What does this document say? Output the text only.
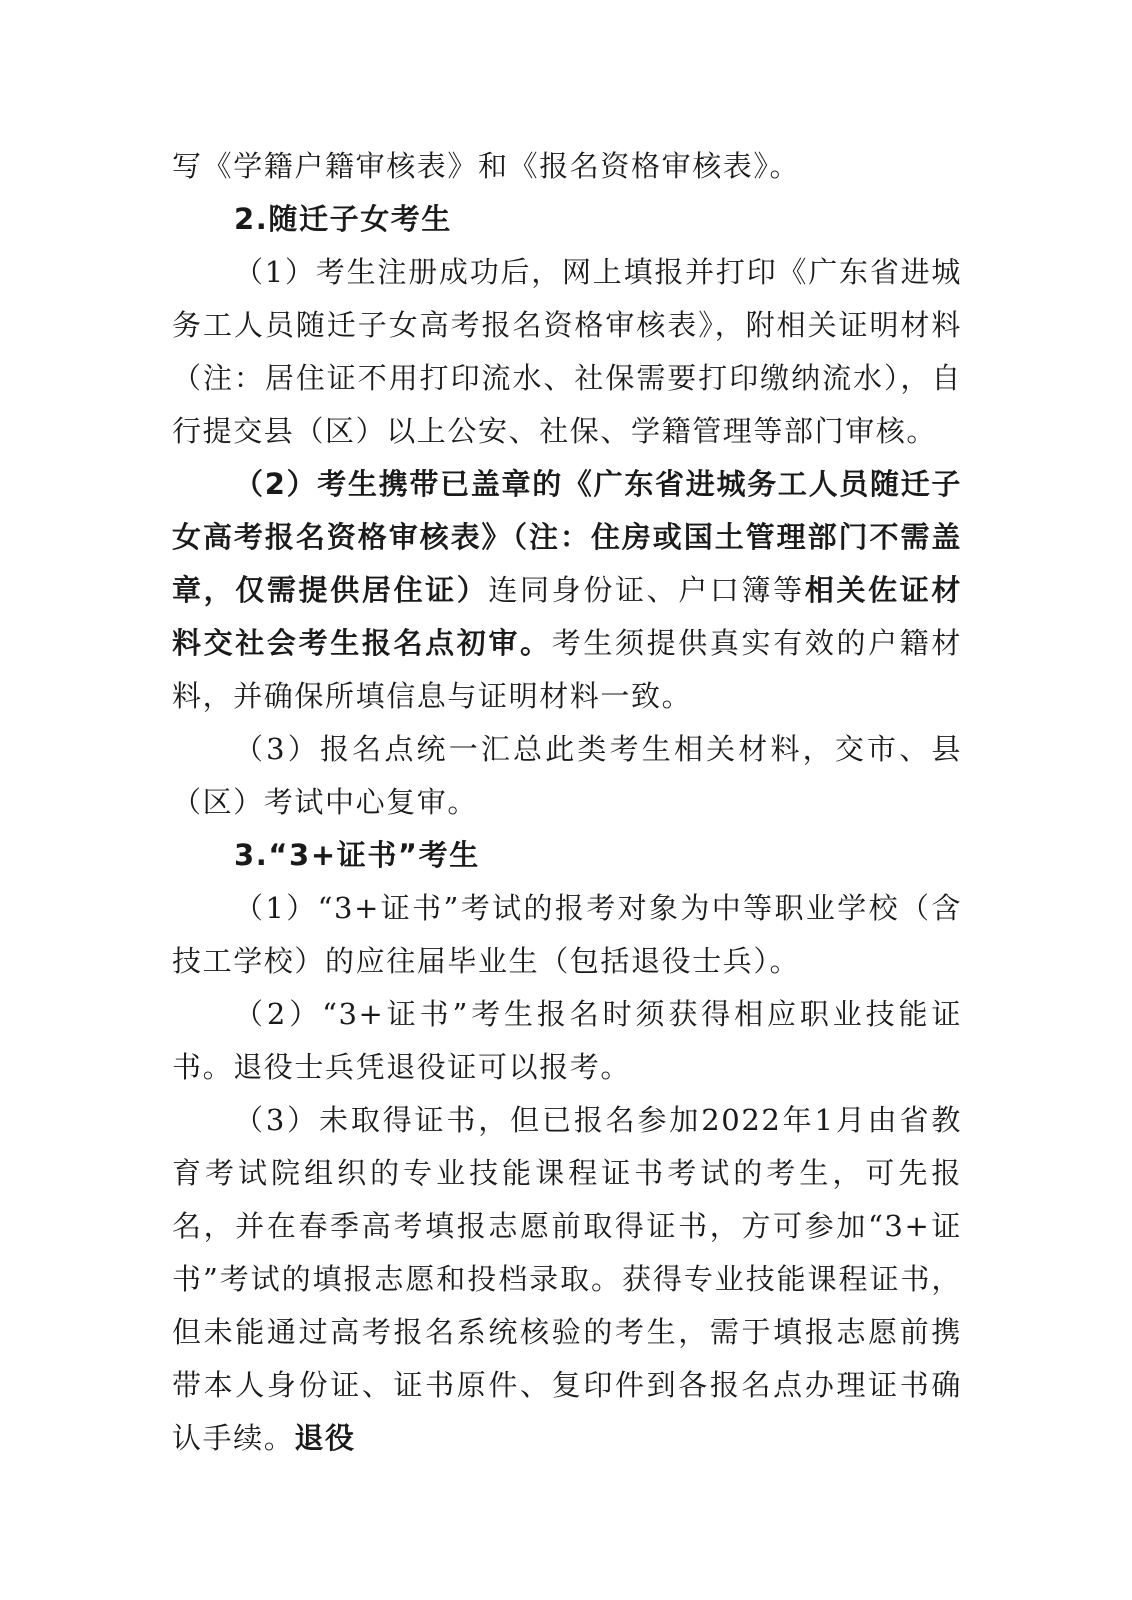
写《学籍户籍审核表》和《报名资格审核表》。

2.随迁子女考生

（1）考生注册成功后，网上填报并打印《广东省进城务工人员随迁子女高考报名资格审核表》，附相关证明材料（注：居住证不用打印流水、社保需要打印缴纳流水），自行提交县（区）以上公安、社保、学籍管理等部门审核。

（2）考生携带已盖章的《广东省进城务工人员随迁子女高考报名资格审核表》（注：住房或国土管理部门不需盖章，仅需提供居住证）连同身份证、户口簿等相关佐证材料交社会考生报名点初审。考生须提供真实有效的户籍材料，并确保所填信息与证明材料一致。

（3）报名点统一汇总此类考生相关材料，交市、县（区）考试中心复审。

3.“3+证书”考生

（1）“3+证书”考试的报考对象为中等职业学校（含技工学校）的应往届毕业生（包括退役士兵）。

（2）“3+证书”考生报名时须获得相应职业技能证书。退役士兵凭退役证可以报考。

（3）未取得证书，但已报名参加2022年1月由省教育考试院组织的专业技能课程证书考试的考生，可先报名，并在春季高考填报志愿前取得证书，方可参加“3+证书”考试的填报志愿和投档录取。获得专业技能课程证书，但未能通过高考报名系统核验的考生，需于填报志愿前携带本人身份证、证书原件、复印件到各报名点办理证书确认手续。退役
